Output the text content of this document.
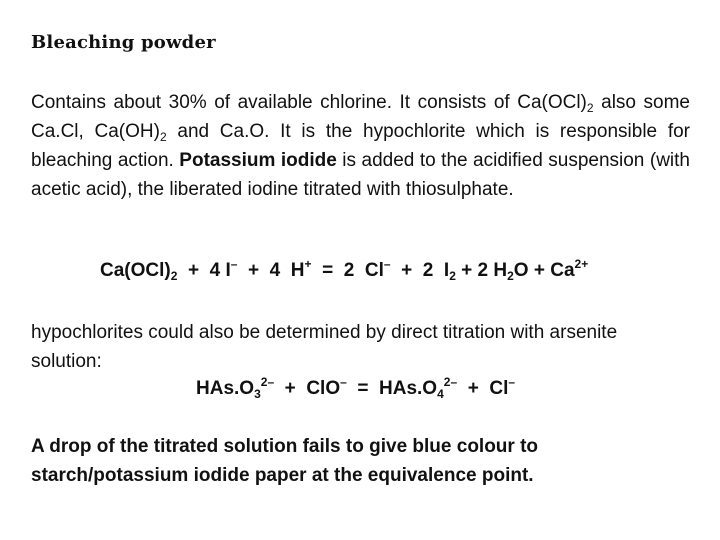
Bleaching powder

Contains about 30% of available chlorine. It consists of $Ca(OCl)_2$ also some Ca.Cl, $Ca(OH)_2$ and Ca.O. It is the hypochlorite which is responsible for bleaching action. Potassium iodide is added to the acidified suspension (with acetic acid), the liberated iodine titrated with thiosulphate.

$Ca(OCl)_2 + 4$ I–  +  4  H+  =  2  Cl–  +  2  $I_2 + 2$ $H_2O + Ca^{2+}$

hypochlorites could also be determined by direct titration with arsenite solution:

$HAs.O_3^{2-} + ClO^- = HAs.O_4^{2-} + Cl^-$

A drop of the titrated solution fails to give blue colour to starch/potassium iodide paper at the equivalence point.
